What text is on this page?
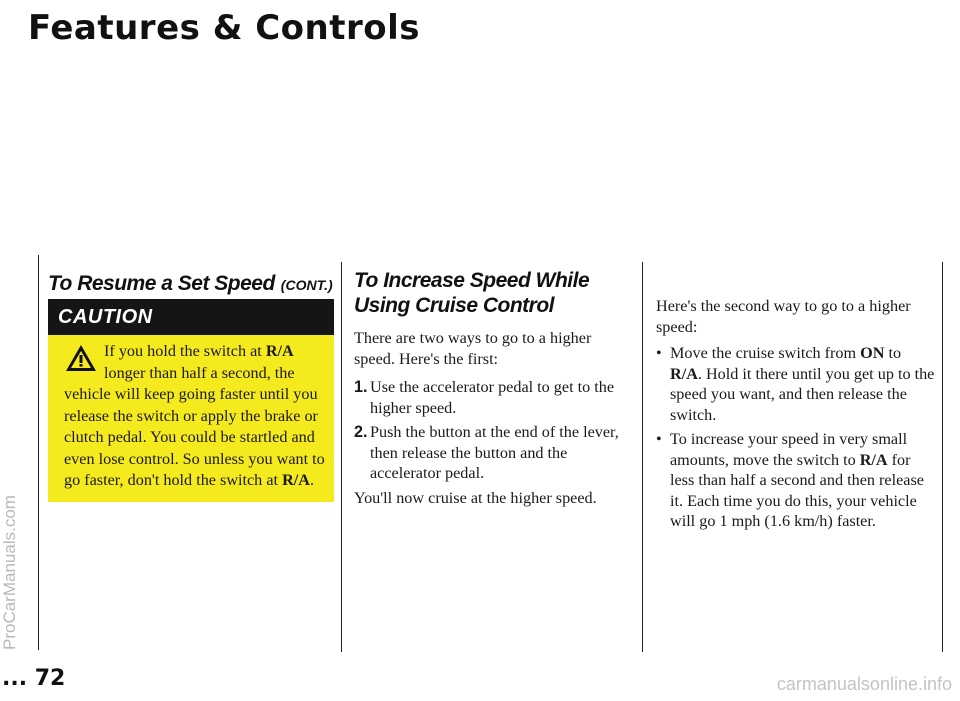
Features & Controls
ProCarManuals.com
To Resume a Set Speed (CONT.)
CAUTION
If you hold the switch at R/A longer than half a second, the vehicle will keep going faster until you release the switch or apply the brake or clutch pedal. You could be startled and even lose control. So unless you want to go faster, don't hold the switch at R/A.
To Increase Speed While Using Cruise Control

There are two ways to go to a higher speed. Here's the first:

1. Use the accelerator pedal to get to the higher speed.
2. Push the button at the end of the lever, then release the button and the accelerator pedal.

You'll now cruise at the higher speed.

Here's the second way to go to a higher speed:

• Move the cruise switch from ON to R/A. Hold it there until you get up to the speed you want, and then release the switch.
• To increase your speed in very small amounts, move the switch to R/A for less than half a second and then release it. Each time you do this, your vehicle will go 1 mph (1.6 km/h) faster.
... 72	carmanualsonline.info
